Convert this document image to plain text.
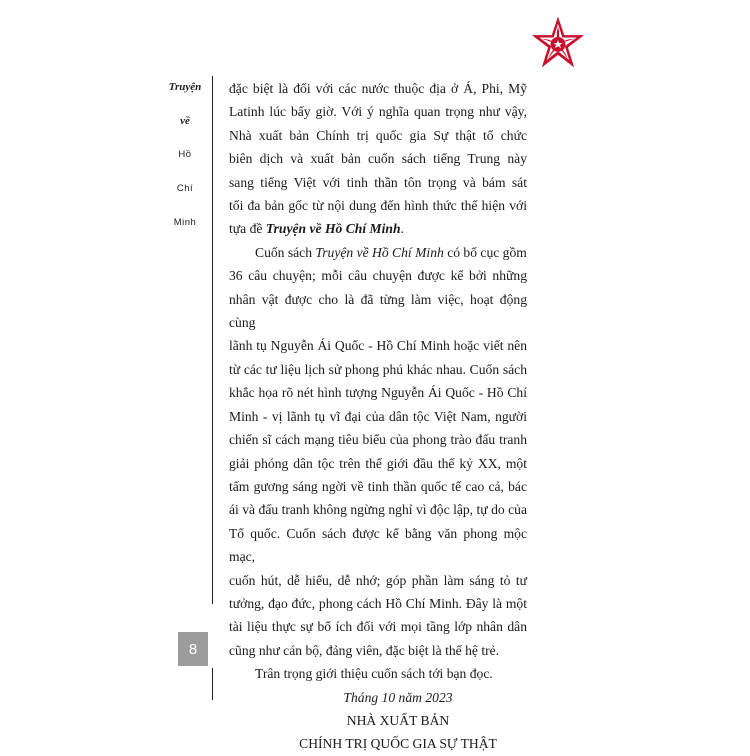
Truyện
về
Hồ
Chí
Minh
8
đặc biệt là đối với các nước thuộc địa ở Á, Phi, Mỹ
Latinh lúc bấy giờ. Với ý nghĩa quan trọng như vậy,
Nhà xuất bản Chính trị quốc gia Sự thật tổ chức
biên dịch và xuất bản cuốn sách tiếng Trung này
sang tiếng Việt với tinh thần tôn trọng và bám sát
tối đa bản gốc từ nội dung đến hình thức thể hiện với
tựa đề Truyện về Hồ Chí Minh.
Cuốn sách Truyện về Hồ Chí Minh có bố cục gồm
36 câu chuyện; mỗi câu chuyện được kể bởi những
nhân vật được cho là đã từng làm việc, hoạt động cùng
lãnh tụ Nguyễn Ái Quốc - Hồ Chí Minh hoặc viết nên
từ các tư liệu lịch sử phong phú khác nhau. Cuốn sách
khắc họa rõ nét hình tượng Nguyễn Ái Quốc - Hồ Chí
Minh - vị lãnh tụ vĩ đại của dân tộc Việt Nam, người
chiến sĩ cách mạng tiêu biểu của phong trào đấu tranh
giải phóng dân tộc trên thế giới đầu thế kỷ XX, một
tấm gương sáng ngời về tinh thần quốc tế cao cả, bác
ái và đấu tranh không ngừng nghỉ vì độc lập, tự do của
Tổ quốc. Cuốn sách được kể bằng văn phong mộc mạc,
cuốn hút, dễ hiểu, dễ nhớ; góp phần làm sáng tỏ tư
tưởng, đạo đức, phong cách Hồ Chí Minh. Đây là một
tài liệu thực sự bổ ích đối với mọi tầng lớp nhân dân
cũng như cán bộ, đảng viên, đặc biệt là thế hệ trẻ.
Trân trọng giới thiệu cuốn sách tới bạn đọc.
Tháng 10 năm 2023
NHÀ XUẤT BẢN
CHÍNH TRỊ QUỐC GIA SỰ THẬT
